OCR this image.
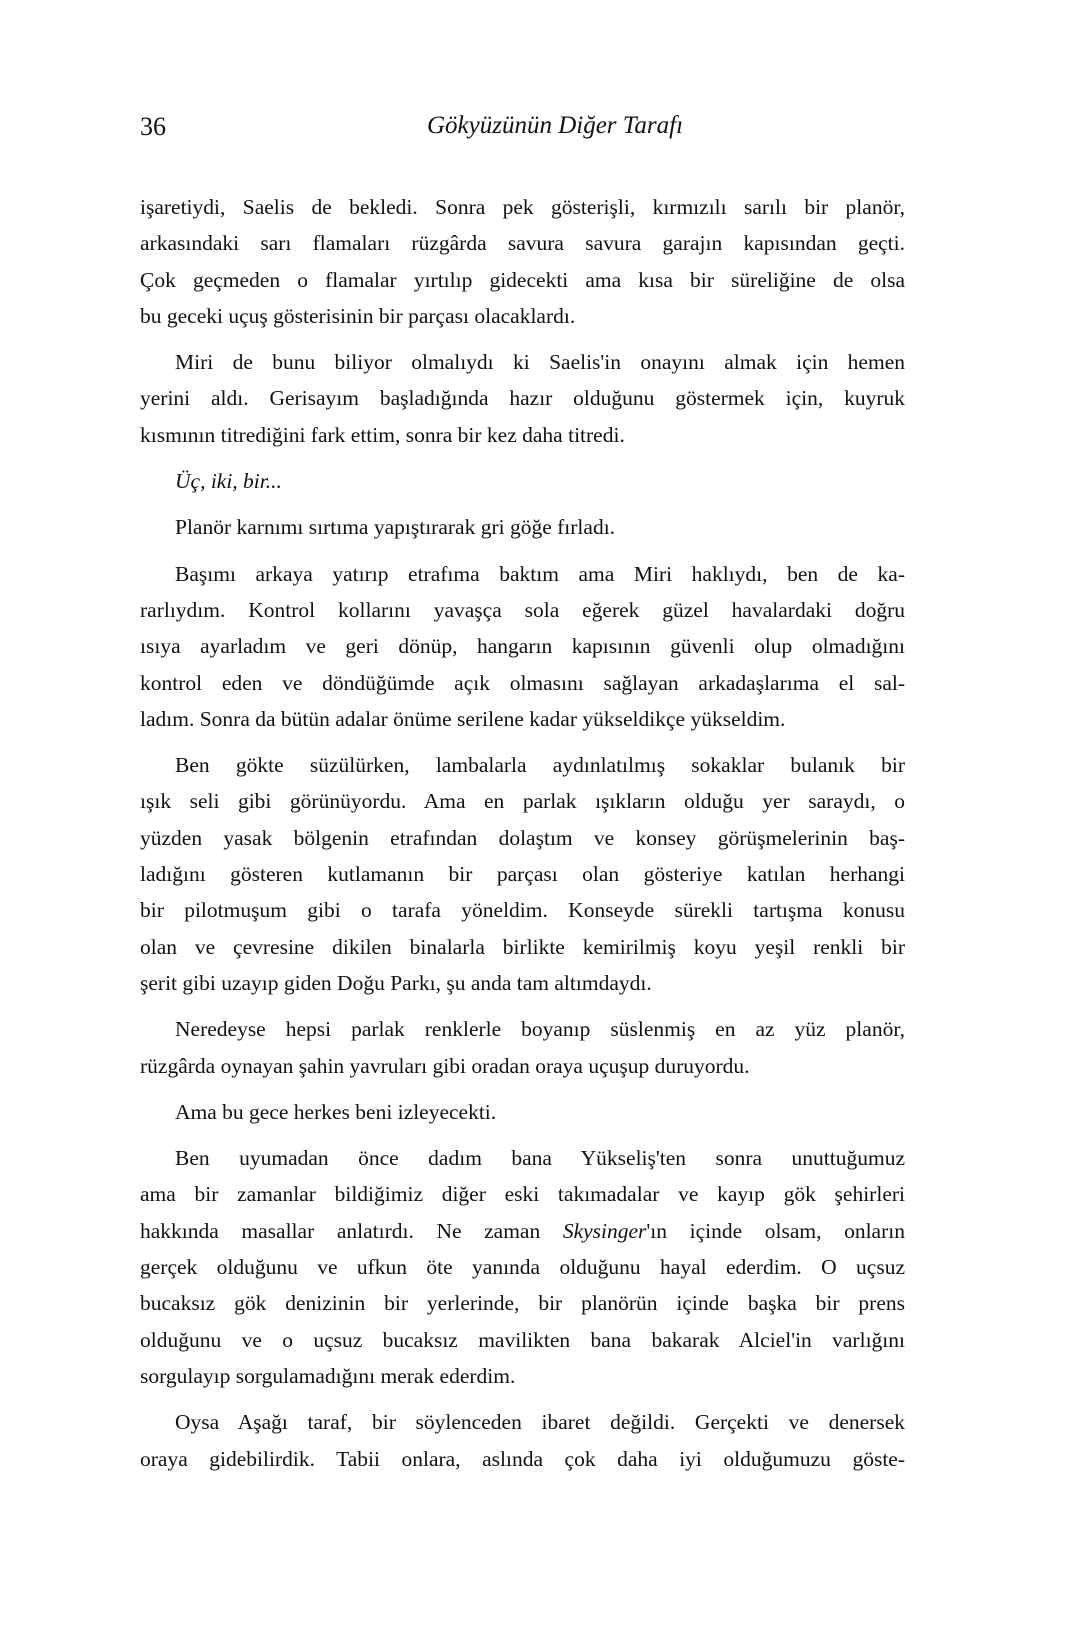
36	Gökyüzünün Diğer Tarafı
işaretiydi, Saelis de bekledi. Sonra pek gösterişli, kırmızılı sarılı bir planör,
arkasındaki sarı flamaları rüzgârda savura savura garajın kapısından geçti.
Çok geçmeden o flamalar yırtılıp gidecekti ama kısa bir süreliğine de olsa
bu geceki uçuş gösterisinin bir parçası olacaklardı.
Miri de bunu biliyor olmalıydı ki Saelis'in onayını almak için hemen
yerini aldı. Gerisayım başladığında hazır olduğunu göstermek için, kuyruk
kısmının titrediğini fark ettim, sonra bir kez daha titredi.
Üç, iki, bir...
Planör karnımı sırtıma yapıştırarak gri göğe fırladı.
Başımı arkaya yatırıp etrafıma baktım ama Miri haklıydı, ben de ka-
rarlıydım. Kontrol kollarını yavaşça sola eğerek güzel havalardaki doğru
ısıya ayarladım ve geri dönüp, hangarın kapısının güvenli olup olmadığını
kontrol eden ve döndüğümde açık olmasını sağlayan arkadaşlarıma el sal-
ladım. Sonra da bütün adalar önüme serilene kadar yükseldikçe yükseldim.
Ben gökte süzülürken, lambalarla aydınlatılmış sokaklar bulanık bir
ışık seli gibi görünüyordu. Ama en parlak ışıkların olduğu yer saraydı, o
yüzden yasak bölgenin etrafından dolaştım ve konsey görüşmelerinin baş-
ladığını gösteren kutlamanın bir parçası olan gösteriye katılan herhangi
bir pilotmuşum gibi o tarafa yöneldim. Konseyde sürekli tartışma konusu
olan ve çevresine dikilen binalarla birlikte kemirilmiş koyu yeşil renkli bir
şerit gibi uzayıp giden Doğu Parkı, şu anda tam altımdaydı.
Neredeyse hepsi parlak renklerle boyanıp süslenmiş en az yüz planör,
rüzgârda oynayan şahin yavruları gibi oradan oraya uçuşup duruyordu.
Ama bu gece herkes beni izleyecekti.
Ben uyumadan önce dadım bana Yükseliş'ten sonra unuttuğumuz
ama bir zamanlar bildiğimiz diğer eski takımadalar ve kayıp gök şehirleri
hakkında masallar anlatırdı. Ne zaman Skysinger'ın içinde olsam, onların
gerçek olduğunu ve ufkun öte yanında olduğunu hayal ederdim. O uçsuz
bucaksız gök denizinin bir yerlerinde, bir planörün içinde başka bir prens
olduğunu ve o uçsuz bucaksız mavilikten bana bakarak Alciel'in varlığını
sorgulayıp sorgulamadığını merak ederdim.
Oysa Aşağı taraf, bir söylenceden ibaret değildi. Gerçekti ve denersek
oraya gidebilirdik. Tabii onlara, aslında çok daha iyi olduğumuzu göste-
